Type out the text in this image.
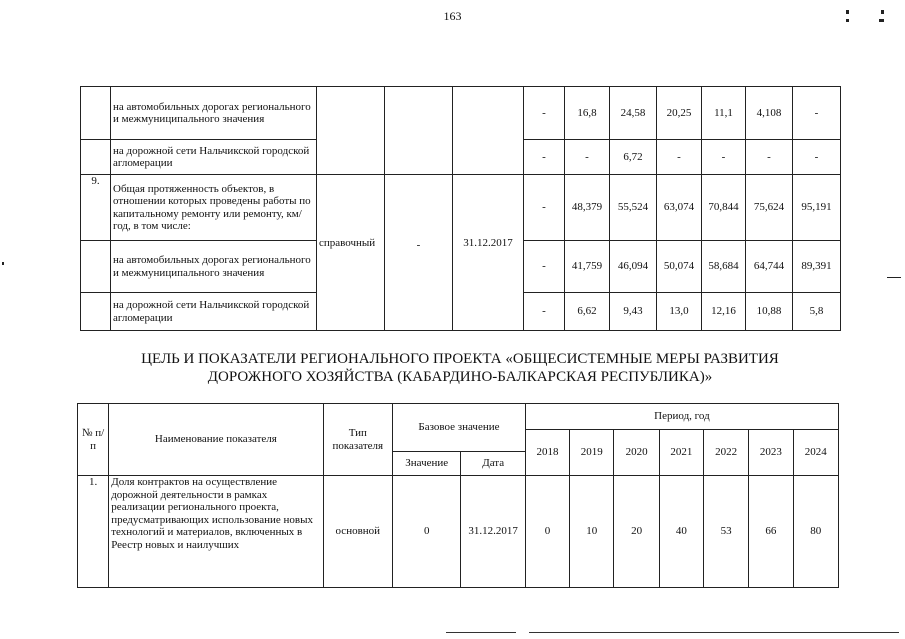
163
	на автомобильных дорогах регионального и межмуниципального значения				-	16,8	24,58	20,25	11,1	4,108	-
	на дорожной сети Нальчикской городской агломерации				-	-	6,72	-	-	-	-
9.	Общая протяженность объектов, в отношении которых проведены работы по капитальному ремонту или ремонту, км/год, в том числе:	справочный	-	31.12.2017	-	48,379	55,524	63,074	70,844	75,624	95,191
	на автомобильных дорогах регионального и межмуниципального значения				-	41,759	46,094	50,074	58,684	64,744	89,391
	на дорожной сети Нальчикской городской агломерации				-	6,62	9,43	13,0	12,16	10,88	5,8
ЦЕЛЬ И ПОКАЗАТЕЛИ РЕГИОНАЛЬНОГО ПРОЕКТА «ОБЩЕСИСТЕМНЫЕ МЕРЫ РАЗВИТИЯ
ДОРОЖНОГО ХОЗЯЙСТВА (КАБАРДИНО-БАЛКАРСКАЯ РЕСПУБЛИКА)»
№ п/п	Наименование показателя	Тип показателя	Базовое значение		Период, год						
					2018	2019	2020	2021	2022	2023	2024
			Значение	Дата							
1.	Доля контрактов на осуществление дорожной деятельности в рамках реализации регионального проекта, предусматривающих использование новых технологий и материалов, включенных в Реестр новых и наилучших	основной	0	31.12.2017	0	10	20	40	53	66	80
